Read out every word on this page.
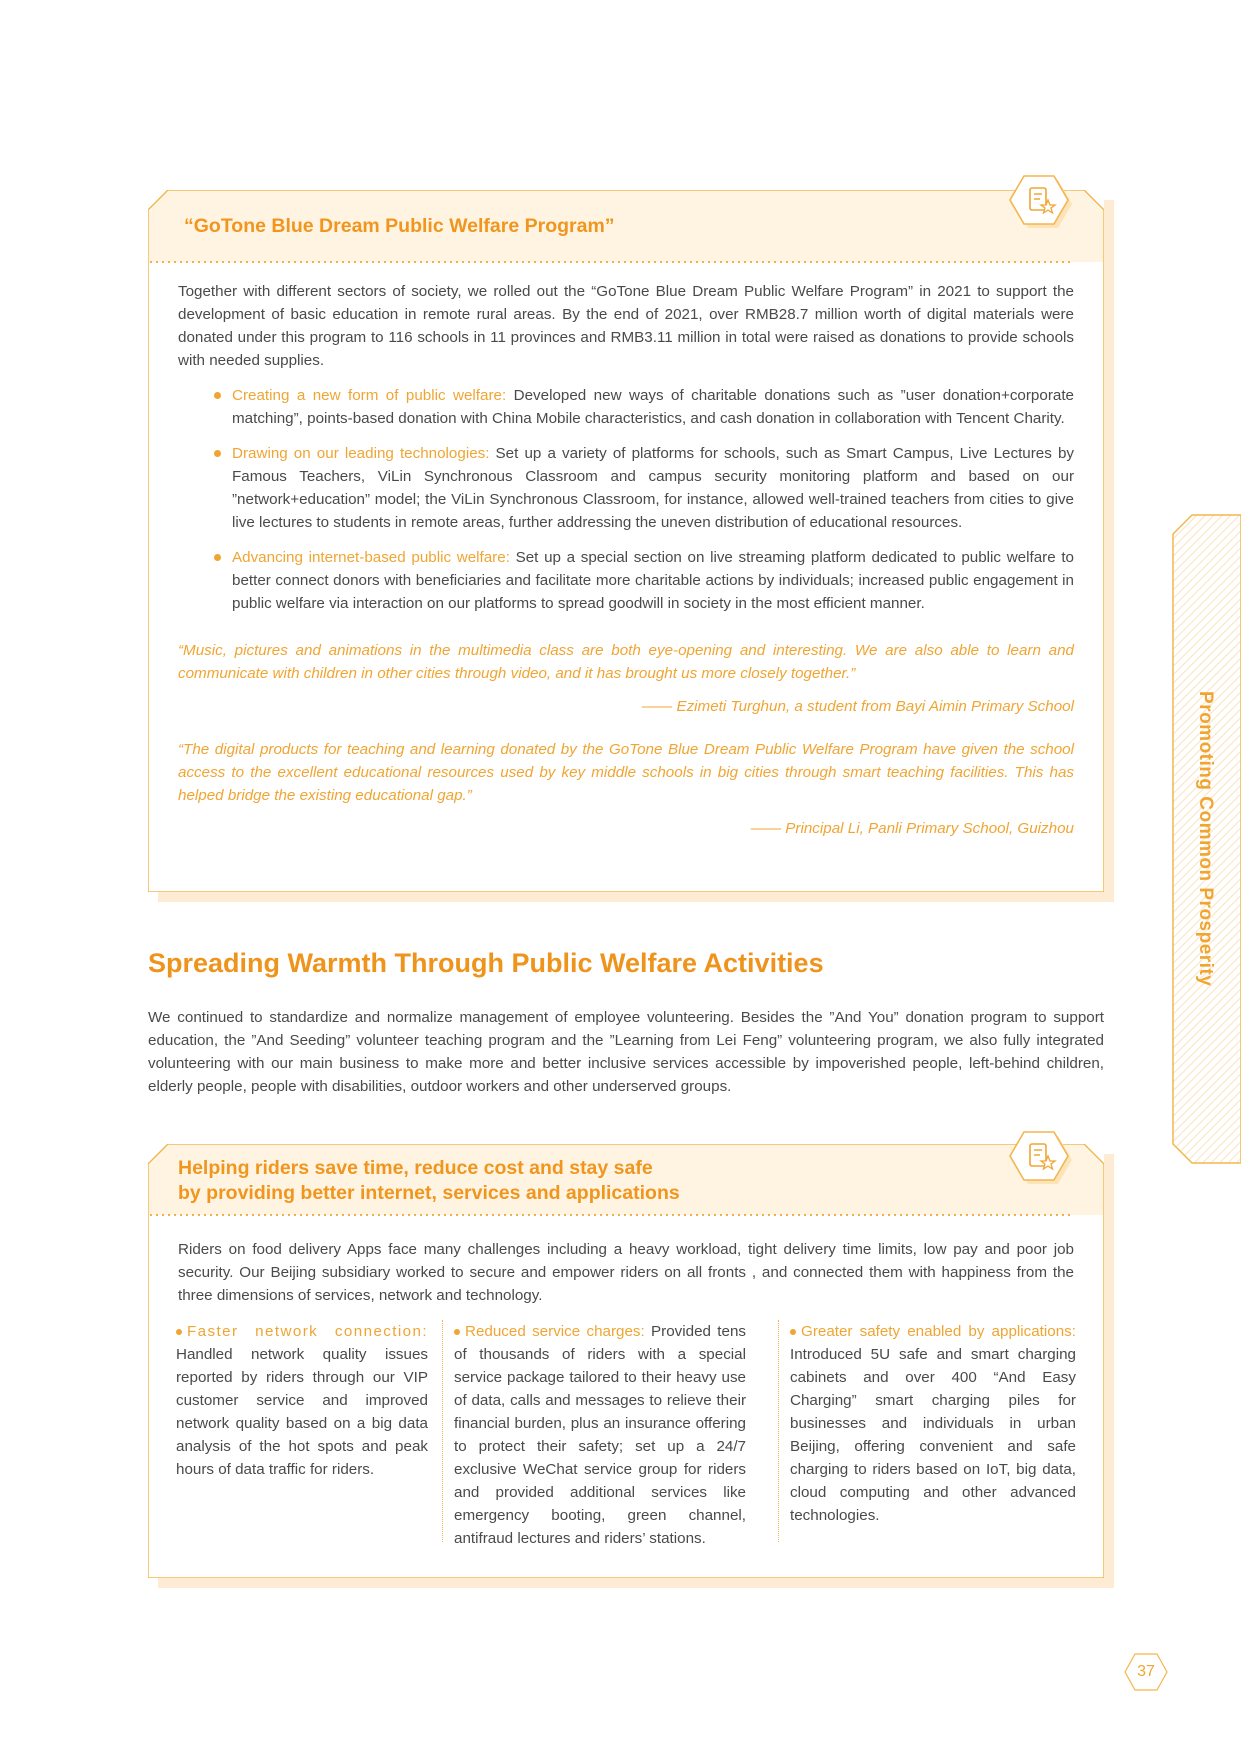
“GoTone Blue Dream Public Welfare Program”

Together with different sectors of society, we rolled out the “GoTone Blue Dream Public Welfare Program” in 2021 to support the development of basic education in remote rural areas. By the end of 2021, over RMB28.7 million worth of digital materials were donated under this program to 116 schools in 11 provinces and RMB3.11 million in total were raised as donations to provide schools with needed supplies.

Creating a new form of public welfare: Developed new ways of charitable donations such as ”user donation+corporate matching”, points-based donation with China Mobile characteristics, and cash donation in collaboration with Tencent Charity.
Drawing on our leading technologies: Set up a variety of platforms for schools, such as Smart Campus, Live Lectures by Famous Teachers, ViLin Synchronous Classroom and campus security monitoring platform and based on our ”network+education” model; the ViLin Synchronous Classroom, for instance, allowed well-trained teachers from cities to give live lectures to students in remote areas, further addressing the uneven distribution of educational resources.
Advancing internet-based public welfare: Set up a special section on live streaming platform dedicated to public welfare to better connect donors with beneficiaries and facilitate more charitable actions by individuals; increased public engagement in public welfare via interaction on our platforms to spread goodwill in society in the most efficient manner.

“Music, pictures and animations in the multimedia class are both eye-opening and interesting. We are also able to learn and communicate with children in other cities through video, and it has brought us more closely together.”

—— Ezimeti Turghun, a student from Bayi Aimin Primary School

“The digital products for teaching and learning donated by the GoTone Blue Dream Public Welfare Program have given the school access to the excellent educational resources used by key middle schools in big cities through smart teaching facilities. This has helped bridge the existing educational gap.”

—— Principal Li, Panli Primary School, Guizhou

Spreading Warmth Through Public Welfare Activities
We continued to standardize and normalize management of employee volunteering. Besides the ”And You” donation program to support education, the ”And Seeding” volunteer teaching program and the ”Learning from Lei Feng” volunteering program, we also fully integrated volunteering with our main business to make more and better inclusive services accessible by impoverished people, left-behind children, elderly people, people with disabilities, outdoor workers and other underserved groups.
Helping riders save time, reduce cost and stay safe
by providing better internet, services and applications
Riders on food delivery Apps face many challenges including a heavy workload, tight delivery time limits, low pay and poor job security. Our Beijing subsidiary worked to secure and empower riders on all fronts , and connected them with happiness from the three dimensions of services, network and technology.
Faster network connection: Handled network quality issues reported by riders through our VIP customer service and improved network quality based on a big data analysis of the hot spots and peak hours of data traffic for riders.
Reduced service charges: Provided tens of thousands of riders with a special service package tailored to their heavy use of data, calls and messages to relieve their financial burden, plus an insurance offering to protect their safety; set up a 24/7 exclusive WeChat service group for riders and provided additional services like emergency booting, green channel, antifraud lectures and riders’ stations.
Greater safety enabled by applications: Introduced 5U safe and smart charging cabinets and over 400 “And Easy Charging” smart charging piles for businesses and individuals in urban Beijing, offering convenient and safe charging to riders based on IoT, big data, cloud computing and other advanced technologies.
Promoting Common Prosperity
37
